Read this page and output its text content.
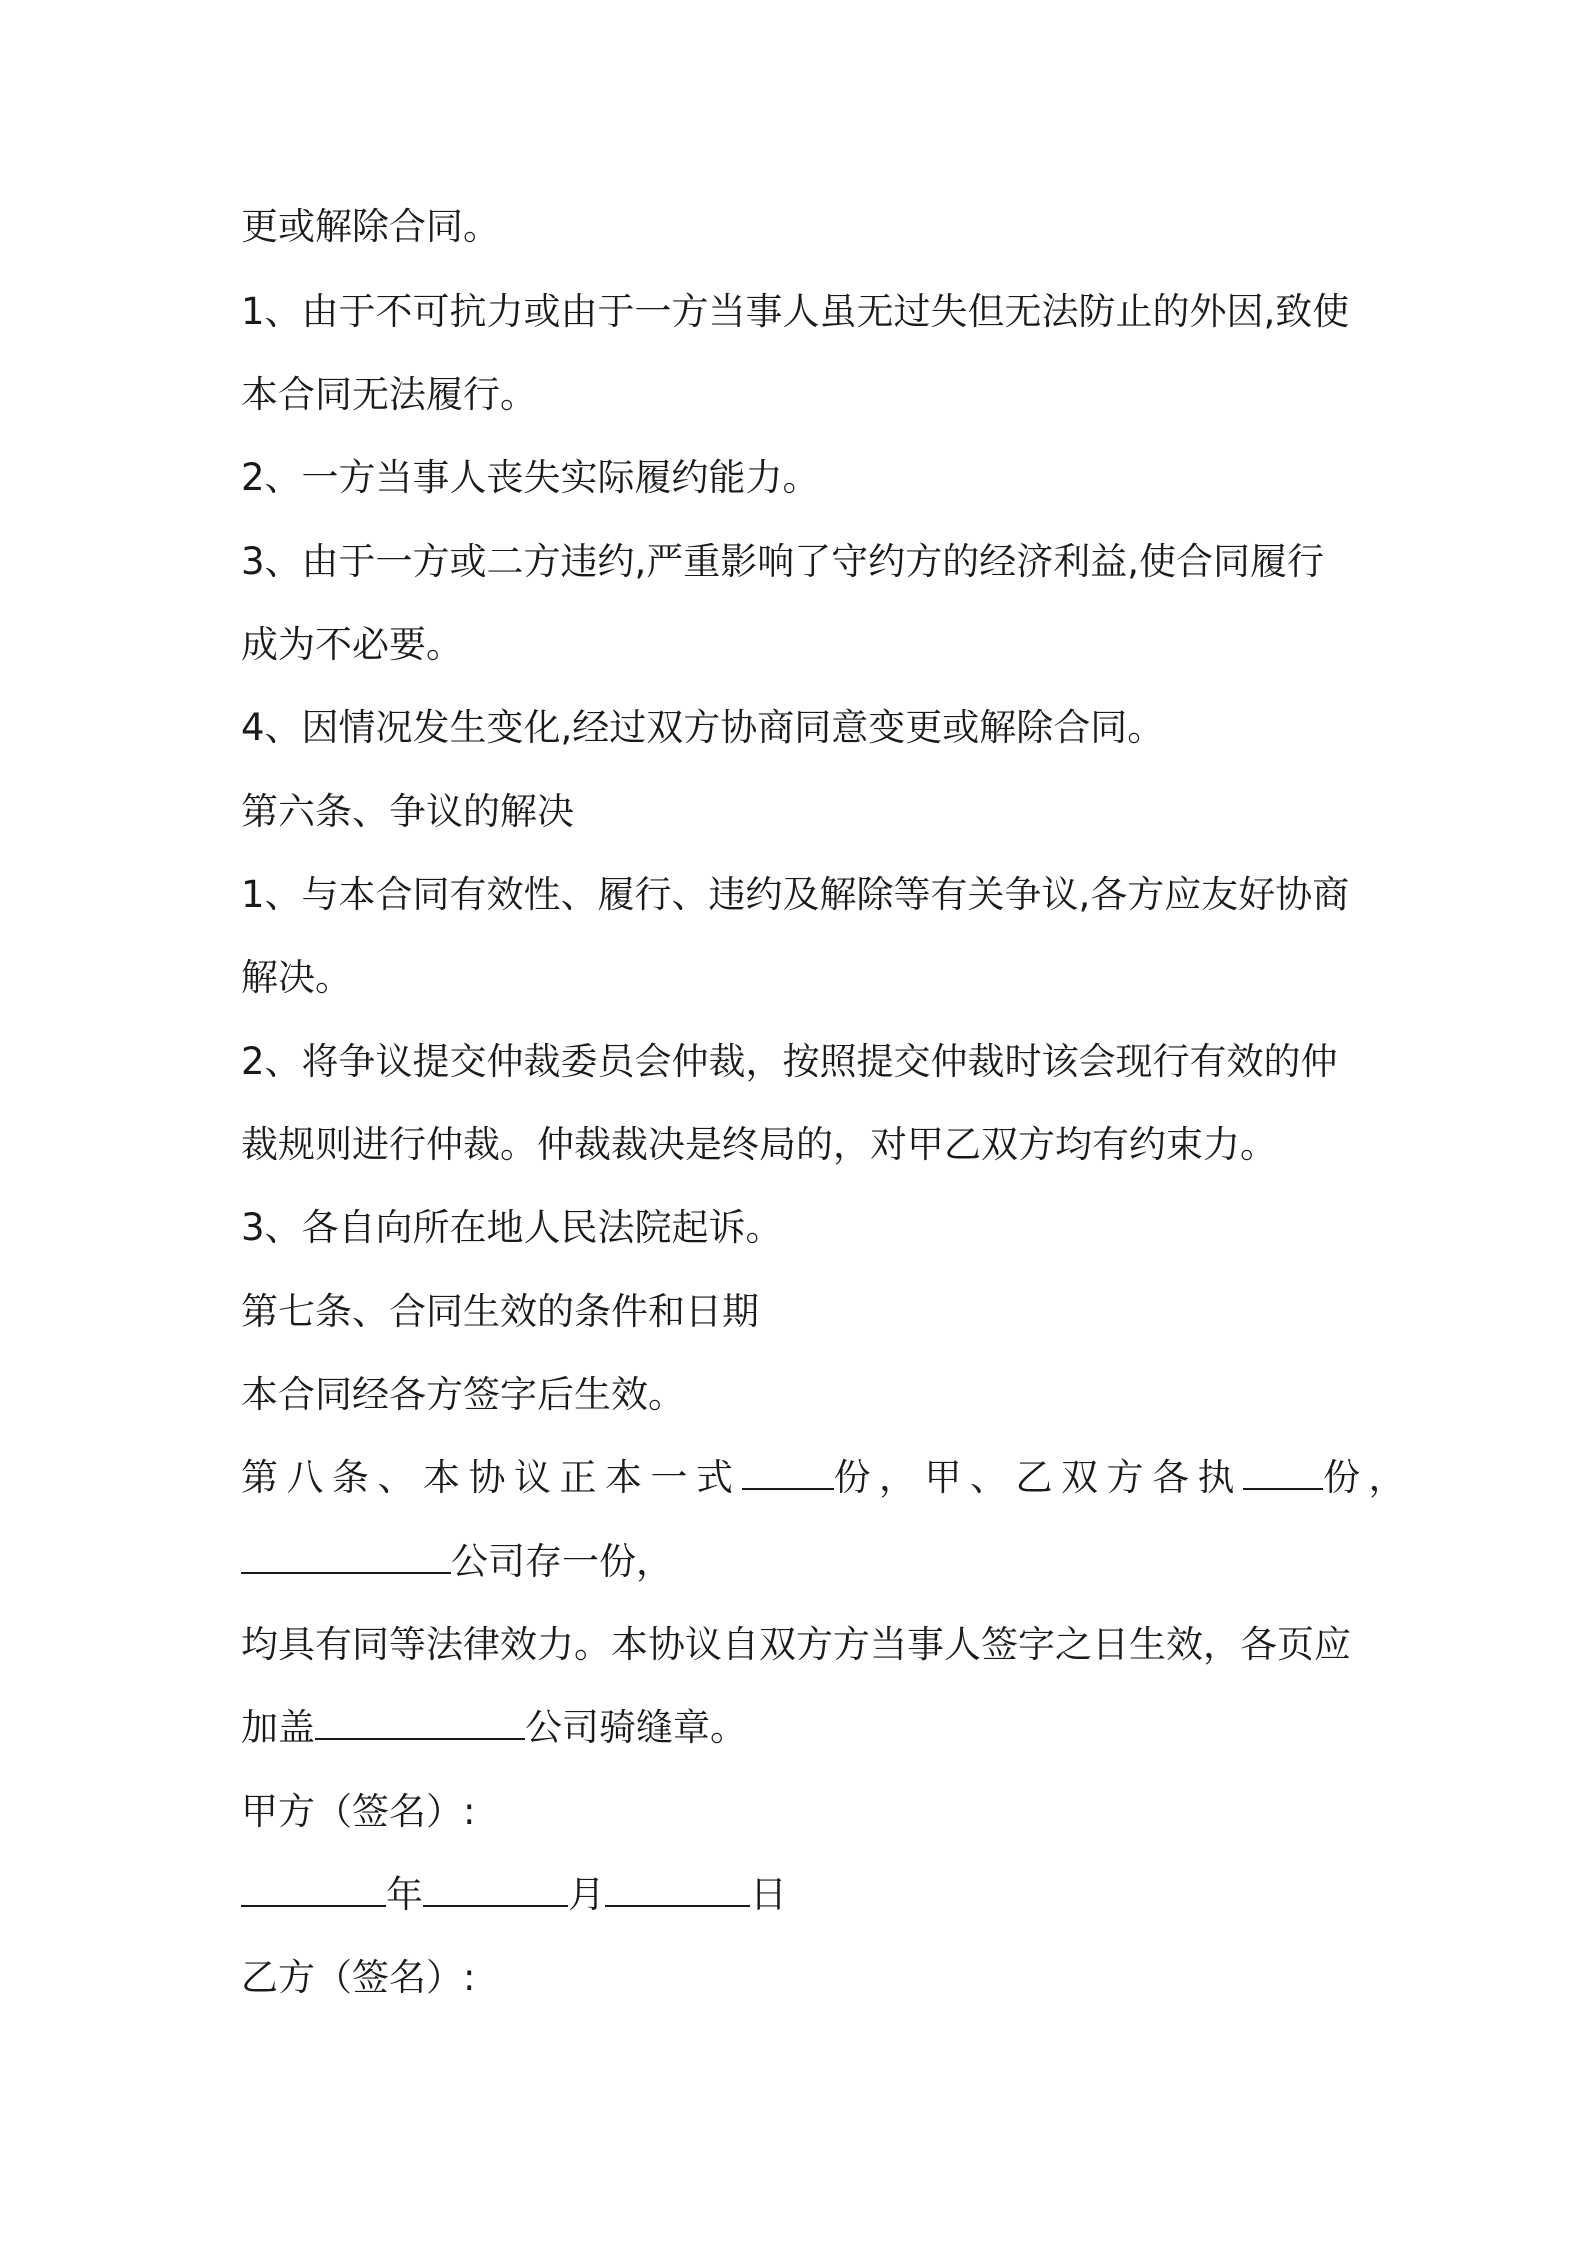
更或解除合同。

1、由于不可抗力或由于一方当事人虽无过失但无法防止的外因,致使

本合同无法履行。

2、一方当事人丧失实际履约能力。

3、由于一方或二方违约,严重影响了守约方的经济利益,使合同履行

成为不必要。

4、因情况发生变化,经过双方协商同意变更或解除合同。

第六条、争议的解决

1、与本合同有效性、履行、违约及解除等有关争议,各方应友好协商

解决。

2、将争议提交仲裁委员会仲裁，按照提交仲裁时该会现行有效的仲

裁规则进行仲裁。仲裁裁决是终局的，对甲乙双方均有约束力。

3、各自向所在地人民法院起诉。

第七条、合同生效的条件和日期

本合同经各方签字后生效。

第八条、本协议正本一式 份，甲、乙双方各执 份，

公司存一份，

均具有同等法律效力。本协议自双方方当事人签字之日生效，各页应

加盖	公司骑缝章。

甲方（签名）:

年	月	日

乙方（签名）:
